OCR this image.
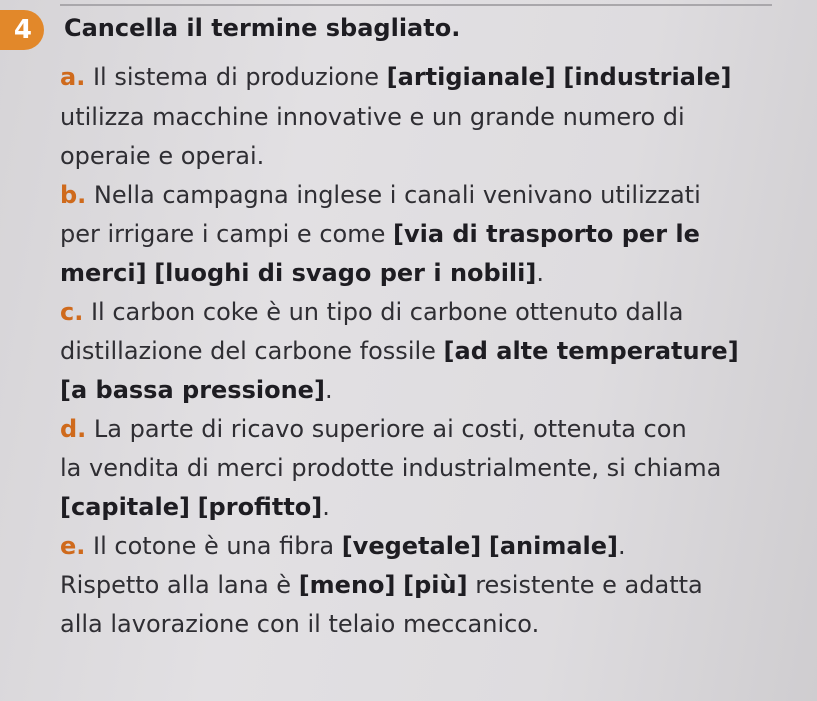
4	Cancella il termine sbagliato.
a. Il sistema di produzione [artigianale] [industriale]
utilizza macchine innovative e un grande numero di
operaie e operai.
b. Nella campagna inglese i canali venivano utilizzati
per irrigare i campi e come [via di trasporto per le
merci] [luoghi di svago per i nobili].
c. Il carbon coke è un tipo di carbone ottenuto dalla
distillazione del carbone fossile [ad alte temperature]
[a bassa pressione].
d. La parte di ricavo superiore ai costi, ottenuta con
la vendita di merci prodotte industrialmente, si chiama
[capitale] [profitto].
e. Il cotone è una fibra [vegetale] [animale].
Rispetto alla lana è [meno] [più] resistente e adatta
alla lavorazione con il telaio meccanico.
